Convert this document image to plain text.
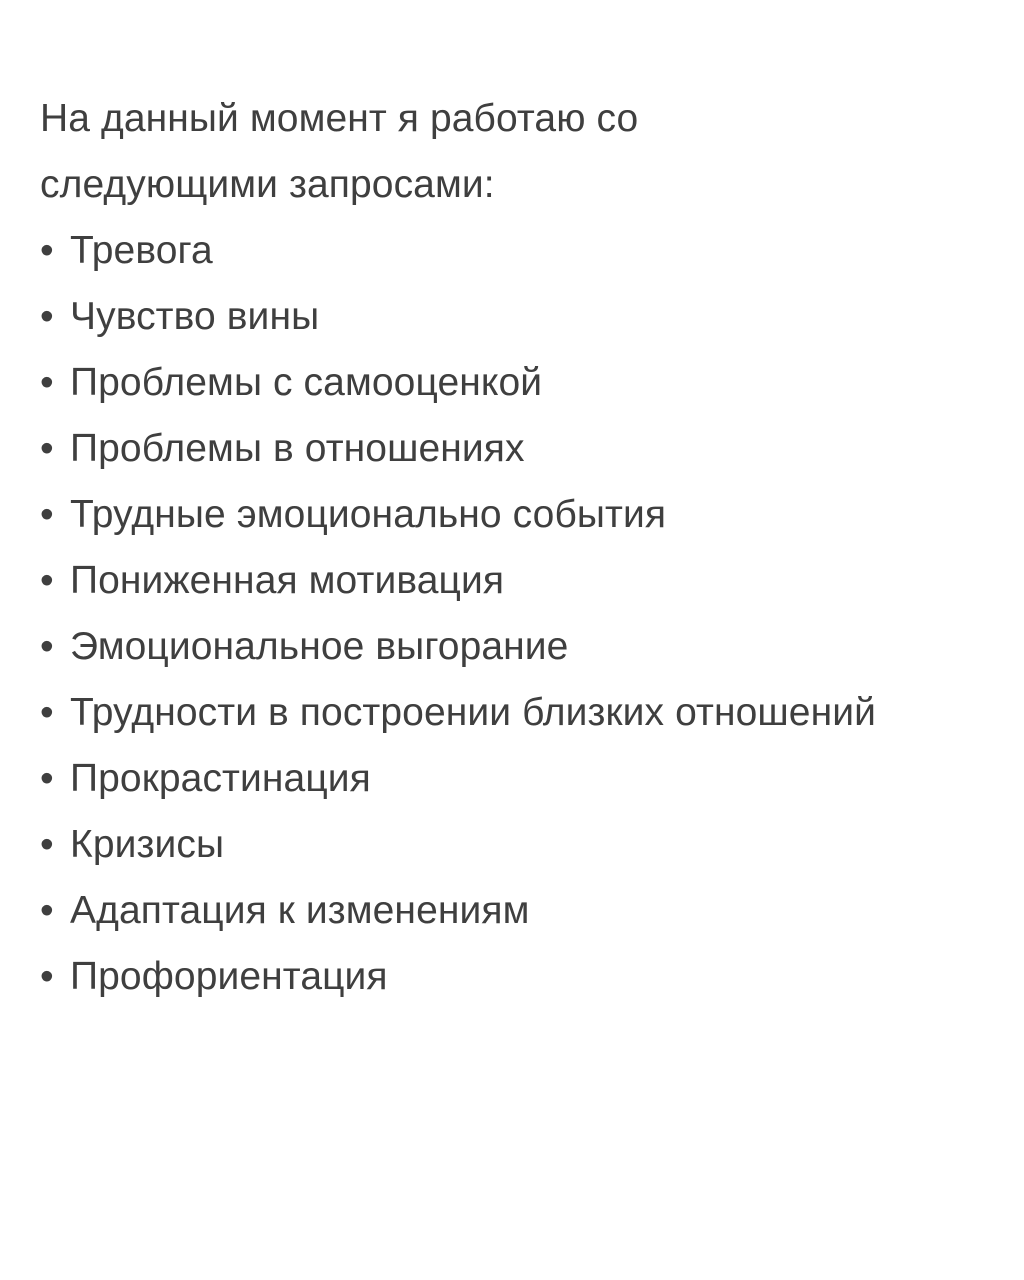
На данный момент я работаю со
следующими запросами:

• Тревога
• Чувство вины
• Проблемы с самооценкой
• Проблемы в отношениях
• Трудные эмоционально события
• Пониженная мотивация
• Эмоциональное выгорание
• Трудности в построении близких отношений
• Прокрастинация
• Кризисы
• Адаптация к изменениям
• Профориентация
